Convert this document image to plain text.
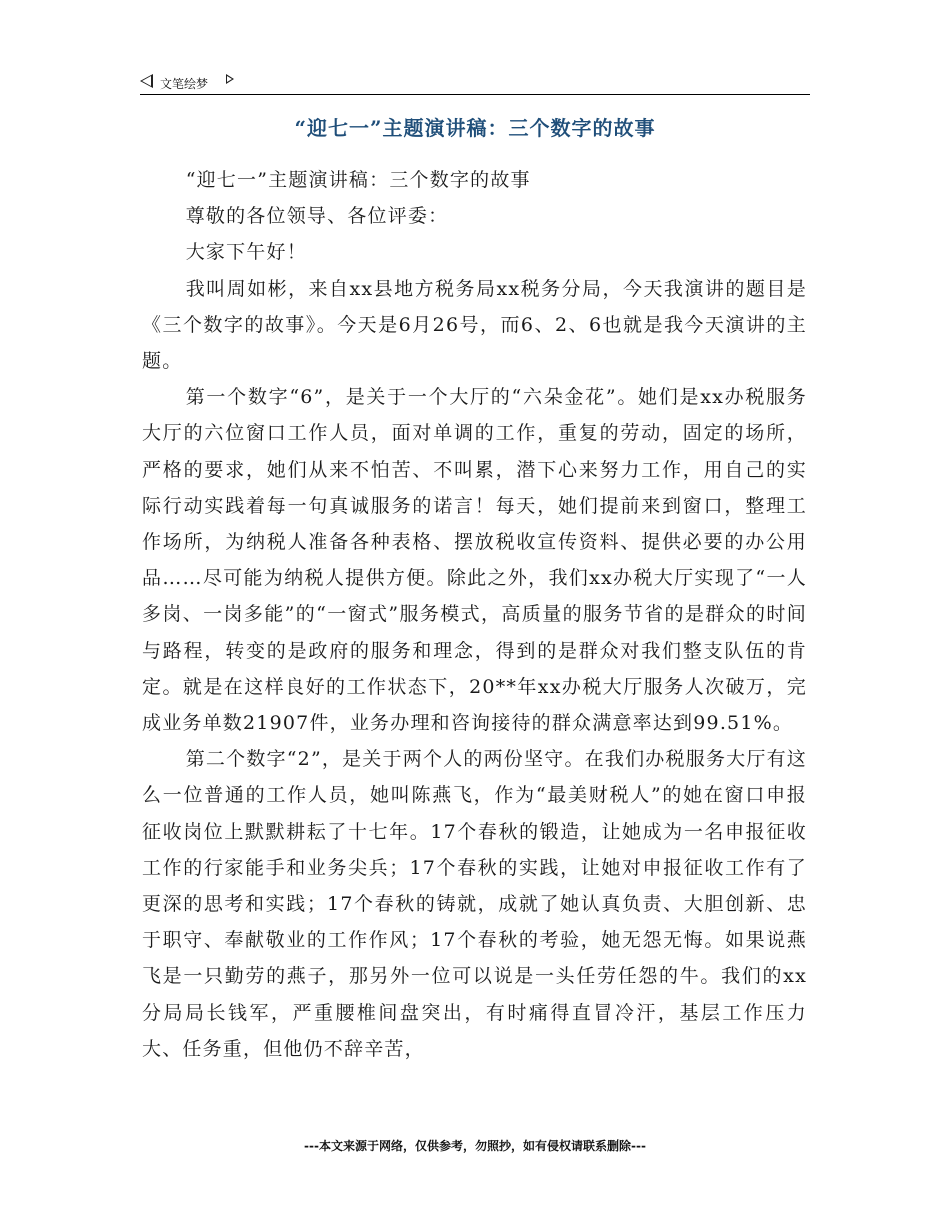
文笔绘梦
“迎七一”主题演讲稿：三个数字的故事

“迎七一”主题演讲稿：三个数字的故事

尊敬的各位领导、各位评委：

大家下午好！

我叫周如彬，来自xx县地方税务局xx税务分局，今天我演讲的题目是《三个数字的故事》。今天是6月26号，而6、2、6也就是我今天演讲的主题。

第一个数字“6”，是关于一个大厅的“六朵金花”。她们是xx办税服务大厅的六位窗口工作人员，面对单调的工作，重复的劳动，固定的场所，严格的要求，她们从来不怕苦、不叫累，潜下心来努力工作，用自己的实际行动实践着每一句真诚服务的诺言！每天，她们提前来到窗口，整理工作场所，为纳税人准备各种表格、摆放税收宣传资料、提供必要的办公用品……尽可能为纳税人提供方便。除此之外，我们xx办税大厅实现了“一人多岗、一岗多能”的“一窗式”服务模式，高质量的服务节省的是群众的时间与路程，转变的是政府的服务和理念，得到的是群众对我们整支队伍的肯定。就是在这样良好的工作状态下，20**年xx办税大厅服务人次破万，完成业务单数21907件，业务办理和咨询接待的群众满意率达到99.51%。

第二个数字“2”，是关于两个人的两份坚守。在我们办税服务大厅有这么一位普通的工作人员，她叫陈燕飞，作为“最美财税人”的她在窗口申报征收岗位上默默耕耘了十七年。17个春秋的锻造，让她成为一名申报征收工作的行家能手和业务尖兵；17个春秋的实践，让她对申报征收工作有了更深的思考和实践；17个春秋的铸就，成就了她认真负责、大胆创新、忠于职守、奉献敬业的工作作风；17个春秋的考验，她无怨无悔。如果说燕飞是一只勤劳的燕子，那另外一位可以说是一头任劳任怨的牛。我们的xx分局局长钱军，严重腰椎间盘突出，有时痛得直冒冷汗，基层工作压力大、任务重，但他仍不辞辛苦，

---本文来源于网络，仅供参考，勿照抄，如有侵权请联系删除---
